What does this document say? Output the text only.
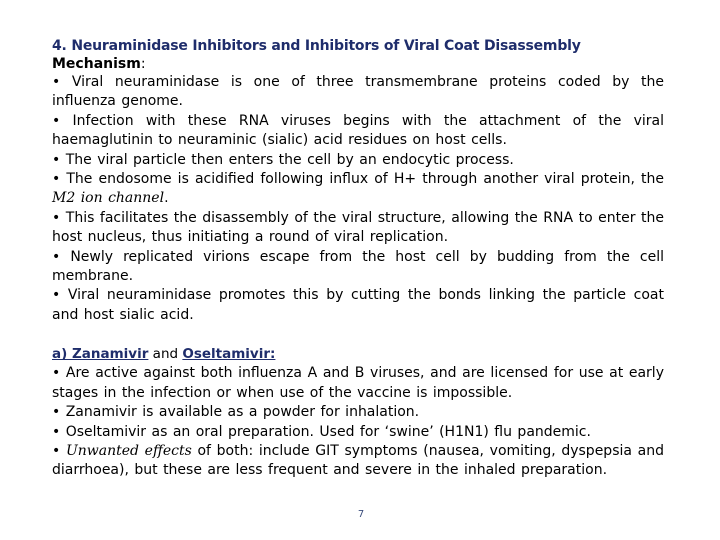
4. Neuraminidase Inhibitors and Inhibitors of Viral Coat Disassembly
Mechanism:

• Viral neuraminidase is one of three transmembrane proteins coded by the influenza genome.

• Infection with these RNA viruses begins with the attachment of the viral haemaglutinin to neuraminic (sialic) acid residues on host cells.

• The viral particle then enters the cell by an endocytic process.

• The endosome is acidified following influx of H+ through another viral protein, the M2 ion channel.

• This facilitates the disassembly of the viral structure, allowing the RNA to enter the host nucleus, thus initiating a round of viral replication.

• Newly replicated virions escape from the host cell by budding from the cell membrane.

• Viral neuraminidase promotes this by cutting the bonds linking the particle coat and host sialic acid.

a) Zanamivir and Oseltamivir:

• Are active against both influenza A and B viruses, and are licensed for use at early stages in the infection or when use of the vaccine is impossible.

• Zanamivir is available as a powder for inhalation.

• Oseltamivir as an oral preparation. Used for ‘swine’ (H1N1) flu pandemic.

• Unwanted effects of both: include GIT symptoms (nausea, vomiting, dyspepsia and diarrhoea), but these are less frequent and severe in the inhaled preparation.

7
